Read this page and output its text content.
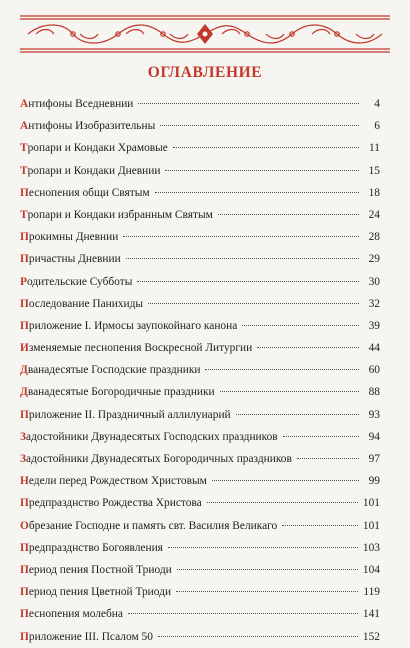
ОГЛАВЛЕНИЕ
Антифоны Вседневнии	4
Антифоны Изобразительны	6
Тропари и Кондаки Храмовые	11
Тропари и Кондаки Дневнии	15
Песнопения общи Святым	18
Тропари и Кондаки избранным Святым	24
Прокимны Дневнии	28
Причастны Дневнии	29
Родительские Субботы	30
Последование Панихиды	32
Приложение I. Ирмосы заупокойнаго канона	39
Изменяемые песнопения Воскресной Литургии	44
Дванадесятые Господские праздники	60
Дванадесятые Богородичные праздники	88
Приложение II. Праздничный аллилуиарий	93
Задостойники Двунадесятых Господских праздников	94
Задостойники Двунадесятых Богородичных праздников	97
Недели перед Рождеством Христовым	99
Предпразднство Рождества Христова	101
Обрезание Господне и память свт. Василия Великаго	101
Предпразднство Богоявления	103
Период пения Постной Триоди	104
Период пения Цветной Триоди	119
Песнопения молебна	141
Приложение III. Псалом 50	152
